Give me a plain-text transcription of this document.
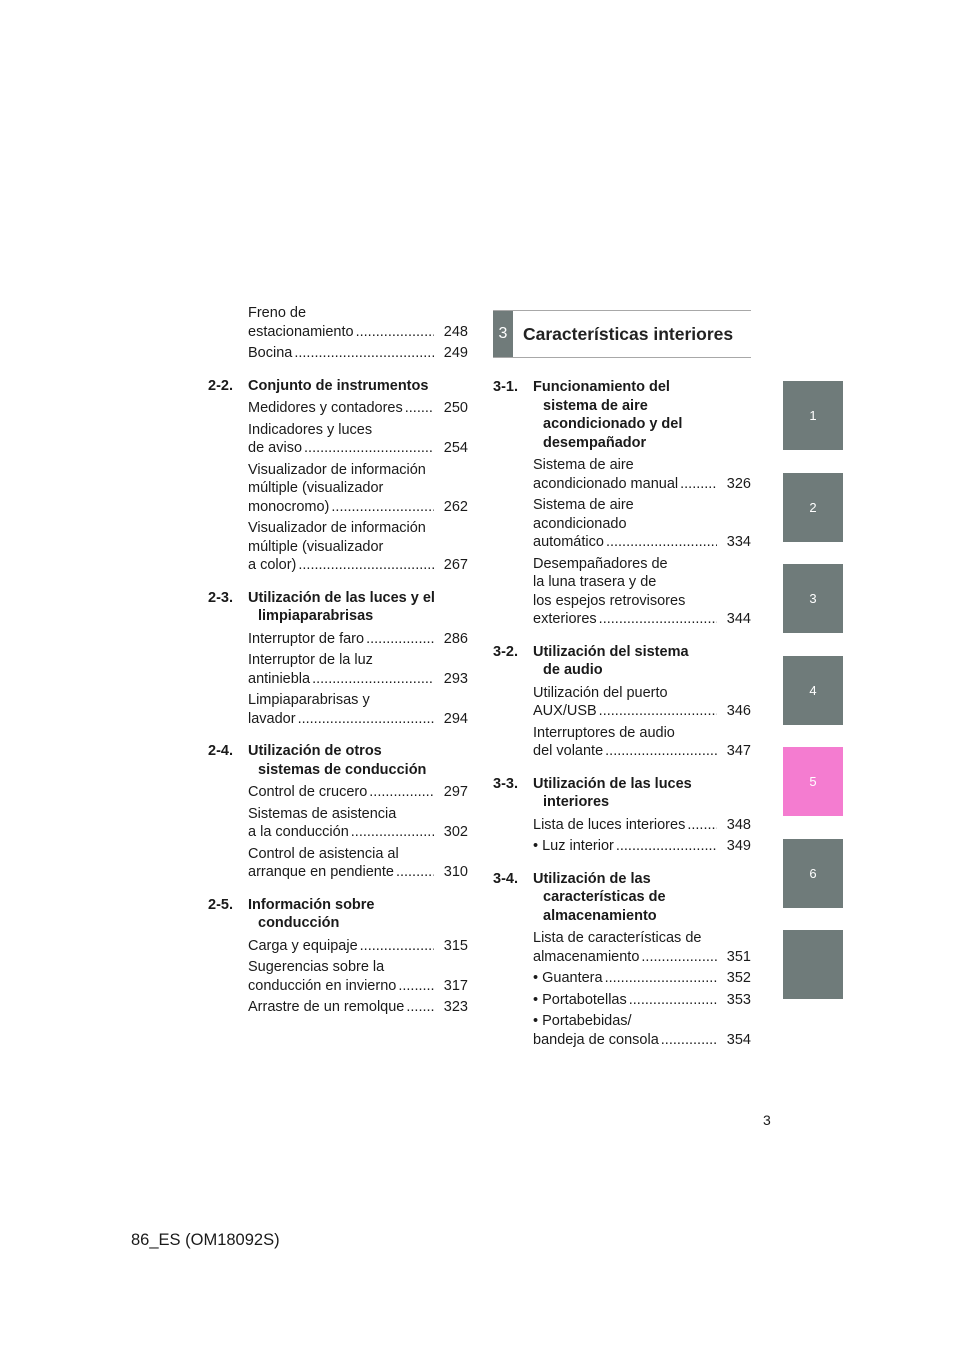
Freno de
estacionamiento .....	248
Bocina .....	249
2-2.	Conjunto de instrumentos
Medidores y contadores .....	250
Indicadores y luces
de aviso .....	254
Visualizador de información
múltiple (visualizador
monocromo) .....	262
Visualizador de información
múltiple (visualizador
a color) .....	267
2-3.	Utilización de las luces y el
limpiaparabrisas
Interruptor de faro .....	286
Interruptor de la luz
antiniebla .....	293
Limpiaparabrisas y
lavador .....	294
2-4.	Utilización de otros
sistemas de conducción
Control de crucero .....	297
Sistemas de asistencia
a la conducción .....	302
Control de asistencia al
arranque en pendiente .....	310
2-5.	Información sobre
conducción
Carga y equipaje .....	315
Sugerencias sobre la
conducción en invierno .....	317
Arrastre de un remolque .....	323
3 Características interiores
3-1.	Funcionamiento del
sistema de aire
acondicionado y del
desempañador
Sistema de aire
acondicionado manual .....	326
Sistema de aire
acondicionado
automático .....	334
Desempañadores de
la luna trasera y de
los espejos retrovisores
exteriores .....	344
3-2.	Utilización del sistema
de audio
Utilización del puerto
AUX/USB .....	346
Interruptores de audio
del volante .....	347
3-3.	Utilización de las luces
interiores
Lista de luces interiores .....	348
• Luz interior .....	349
3-4.	Utilización de las
características de
almacenamiento
Lista de características de
almacenamiento .....	351
• Guantera .....	352
• Portabotellas .....	353
• Portabebidas/
bandeja de consola .....	354
1
2
3
4
5
6
3
86_ES (OM18092S)
